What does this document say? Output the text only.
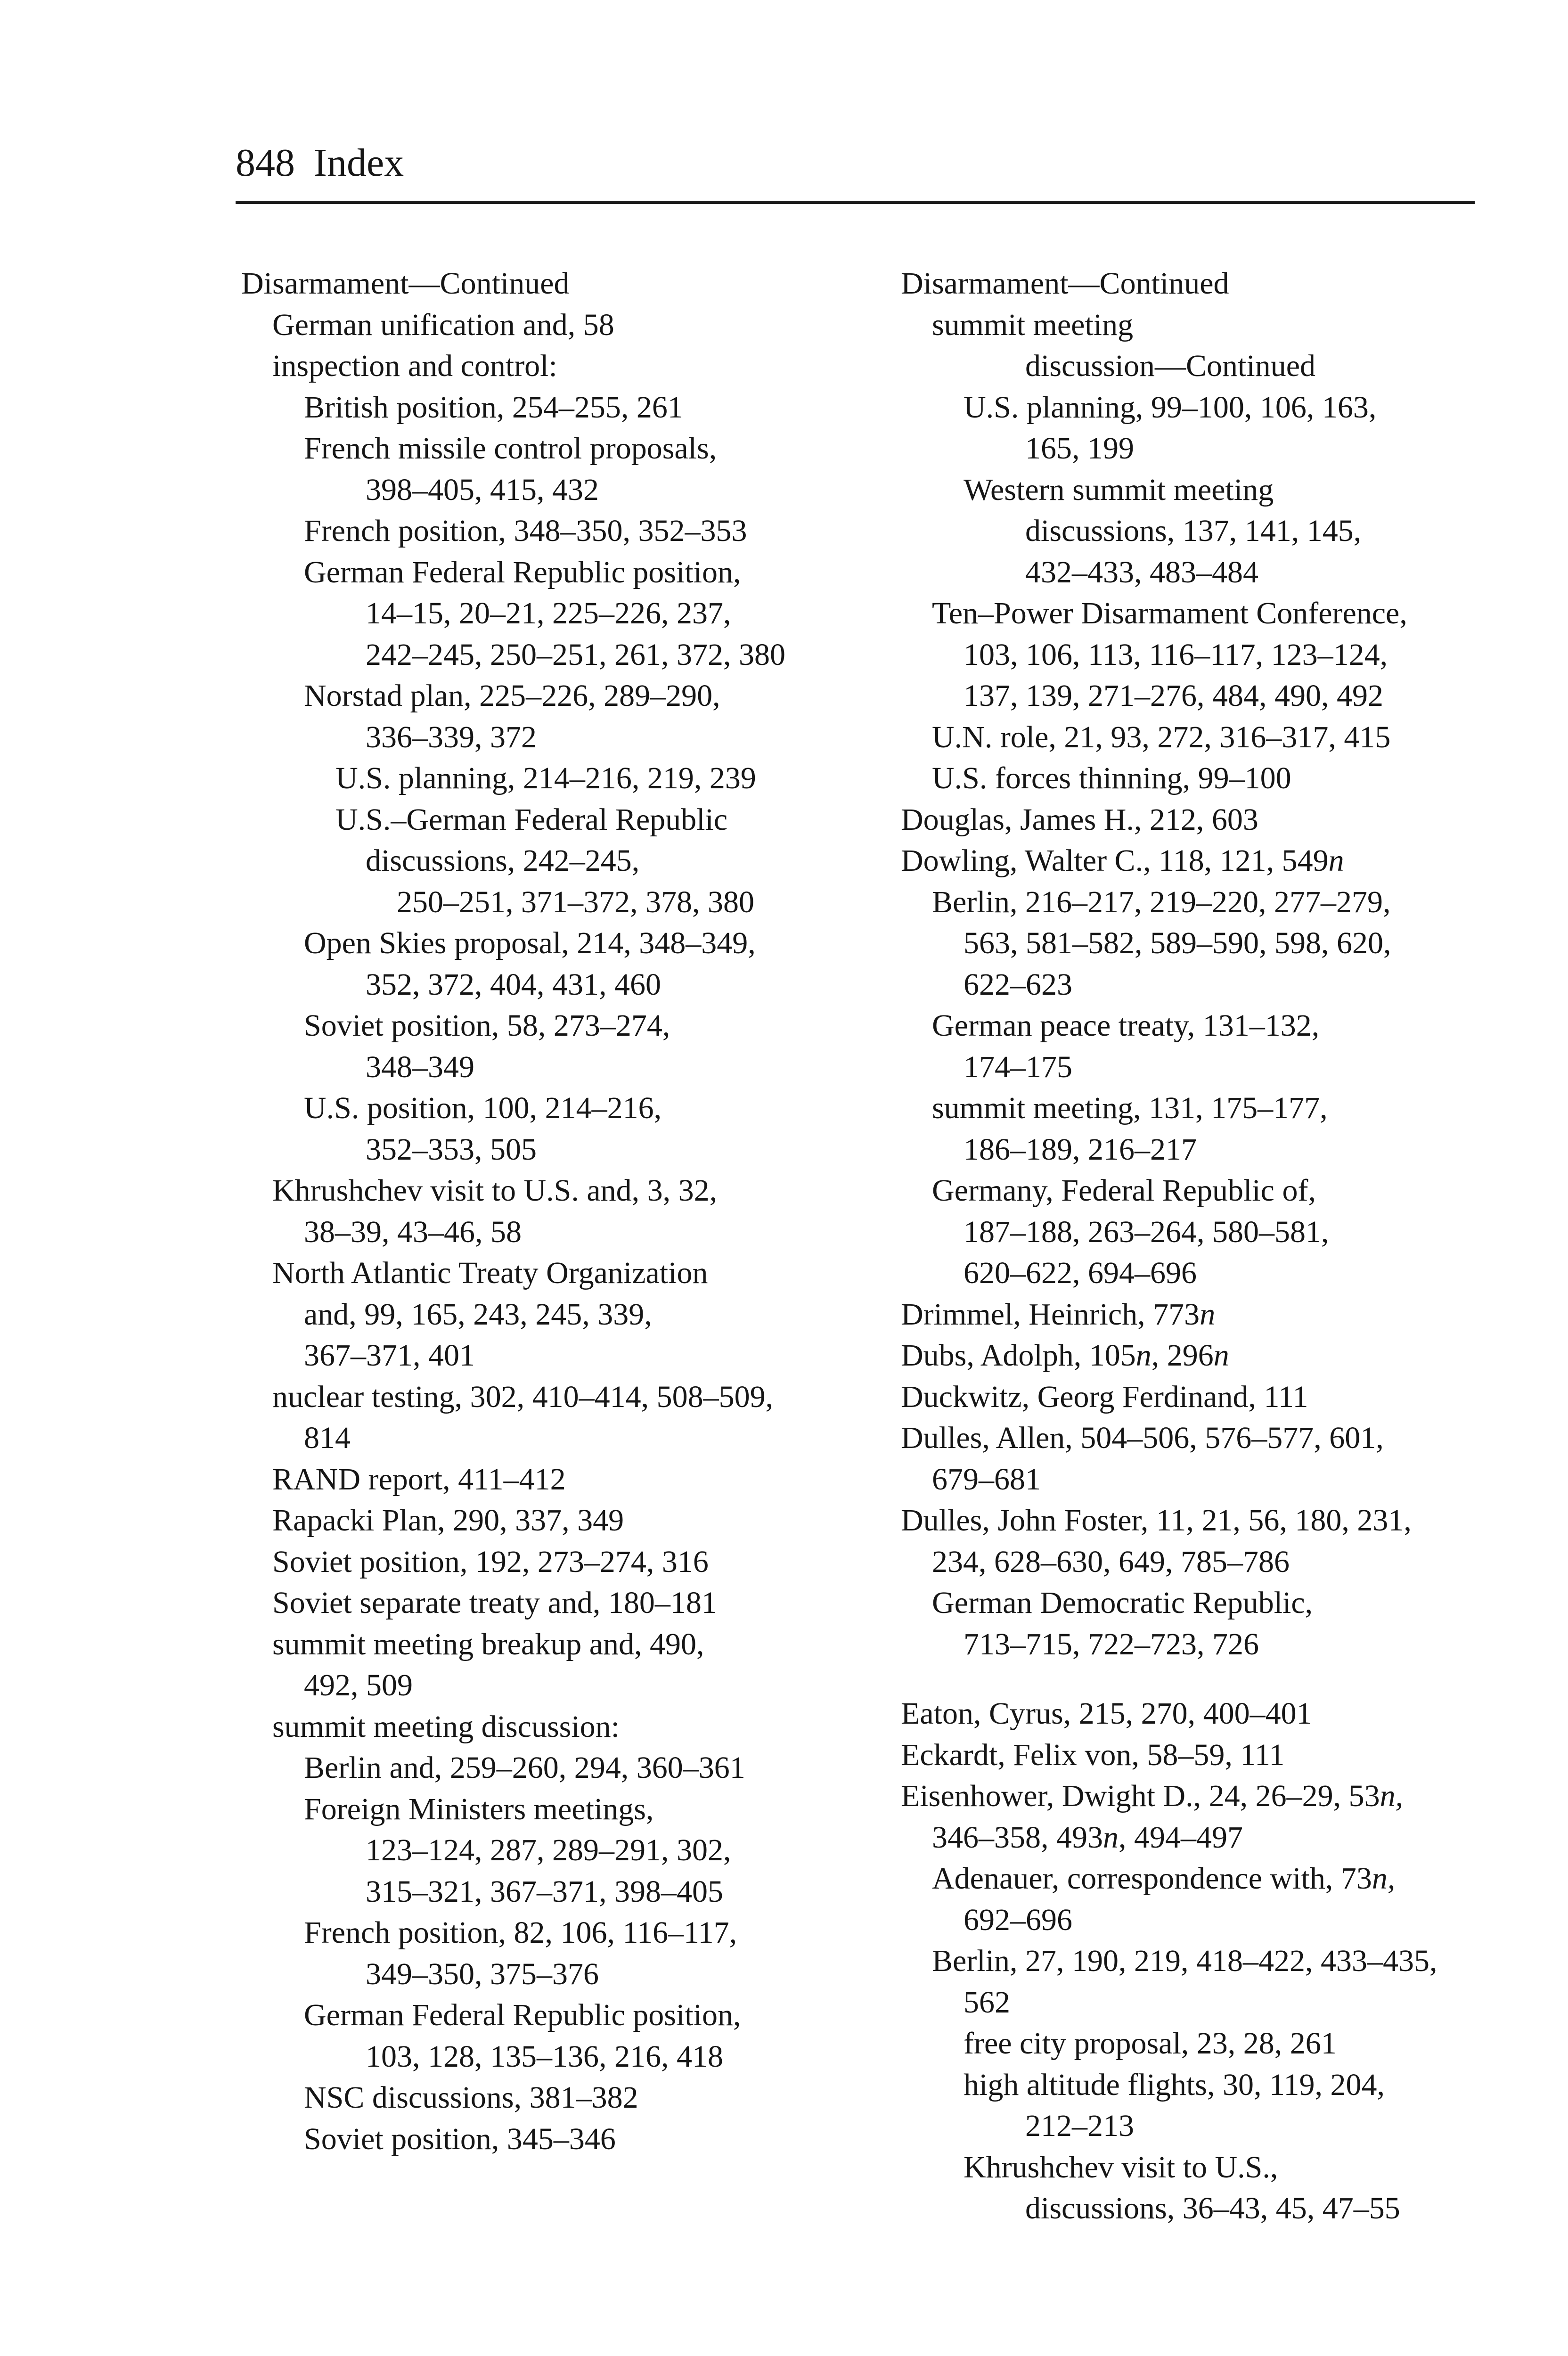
848 Index
Disarmament—Continued
German unification and, 58
inspection and control:
British position, 254–255, 261
French missile control proposals,
398–405, 415, 432
French position, 348–350, 352–353
German Federal Republic position,
14–15, 20–21, 225–226, 237,
242–245, 250–251, 261, 372, 380
Norstad plan, 225–226, 289–290,
336–339, 372
U.S. planning, 214–216, 219, 239
U.S.–German Federal Republic
discussions, 242–245,
250–251, 371–372, 378, 380
Open Skies proposal, 214, 348–349,
352, 372, 404, 431, 460
Soviet position, 58, 273–274,
348–349
U.S. position, 100, 214–216,
352–353, 505
Khrushchev visit to U.S. and, 3, 32,
38–39, 43–46, 58
North Atlantic Treaty Organization
and, 99, 165, 243, 245, 339,
367–371, 401
nuclear testing, 302, 410–414, 508–509,
814
RAND report, 411–412
Rapacki Plan, 290, 337, 349
Soviet position, 192, 273–274, 316
Soviet separate treaty and, 180–181
summit meeting breakup and, 490,
492, 509
summit meeting discussion:
Berlin and, 259–260, 294, 360–361
Foreign Ministers meetings,
123–124, 287, 289–291, 302,
315–321, 367–371, 398–405
French position, 82, 106, 116–117,
349–350, 375–376
German Federal Republic position,
103, 128, 135–136, 216, 418
NSC discussions, 381–382
Soviet position, 345–346
Disarmament—Continued
summit meeting
discussion—Continued
U.S. planning, 99–100, 106, 163,
165, 199
Western summit meeting
discussions, 137, 141, 145,
432–433, 483–484
Ten–Power Disarmament Conference,
103, 106, 113, 116–117, 123–124,
137, 139, 271–276, 484, 490, 492
U.N. role, 21, 93, 272, 316–317, 415
U.S. forces thinning, 99–100
Douglas, James H., 212, 603
Dowling, Walter C., 118, 121, 549n
Berlin, 216–217, 219–220, 277–279,
563, 581–582, 589–590, 598, 620,
622–623
German peace treaty, 131–132,
174–175
summit meeting, 131, 175–177,
186–189, 216–217
Germany, Federal Republic of,
187–188, 263–264, 580–581,
620–622, 694–696
Drimmel, Heinrich, 773n
Dubs, Adolph, 105n, 296n
Duckwitz, Georg Ferdinand, 111
Dulles, Allen, 504–506, 576–577, 601,
679–681
Dulles, John Foster, 11, 21, 56, 180, 231,
234, 628–630, 649, 785–786
German Democratic Republic,
713–715, 722–723, 726
Eaton, Cyrus, 215, 270, 400–401
Eckardt, Felix von, 58–59, 111
Eisenhower, Dwight D., 24, 26–29, 53n,
346–358, 493n, 494–497
Adenauer, correspondence with, 73n,
692–696
Berlin, 27, 190, 219, 418–422, 433–435,
562
free city proposal, 23, 28, 261
high altitude flights, 30, 119, 204,
212–213
Khrushchev visit to U.S.,
discussions, 36–43, 45, 47–55
